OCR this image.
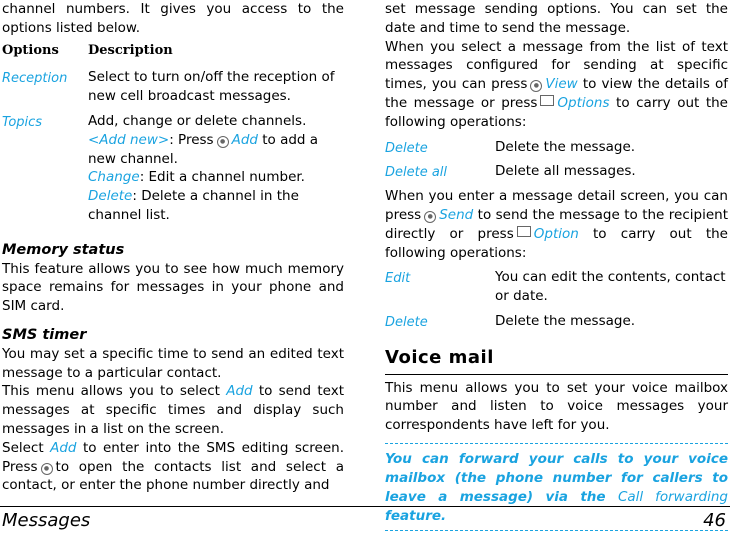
channel numbers. It gives you access to the options listed below.

Options	Description
Reception	Select to turn on/off the reception of new cell broadcast messages.
Topics	Add, change or delete channels.
<Add new>: Press ● Add to add a new channel.
Change: Edit a channel number.
Delete: Delete a channel in the channel list.
Memory status

This feature allows you to see how much memory space remains for messages in your phone and SIM card.

SMS timer

You may set a specific time to send an edited text message to a particular contact.

This menu allows you to select Add to send text messages at specific times and display such messages in a list on the screen.

Select Add to enter into the SMS editing screen. Press ● to open the contacts list and select a contact, or enter the phone number directly and

set message sending options. You can set the date and time to send the message.

When you select a message from the list of text messages configured for sending at specific times, you can press ● View to view the details of the message or press Options to carry out the following operations:

Delete	Delete the message.
Delete all	Delete all messages.

When you enter a message detail screen, you can press ● Send to send the message to the recipient directly or press Option to carry out the following operations:

Edit	You can edit the contents, contact or date.
Delete	Delete the message.
Voice mail

This menu allows you to set your voice mailbox number and listen to voice messages your correspondents have left for you.

You can forward your calls to your voice mailbox (the phone number for callers to leave a message) via the Call forwarding feature.
Messages	46
